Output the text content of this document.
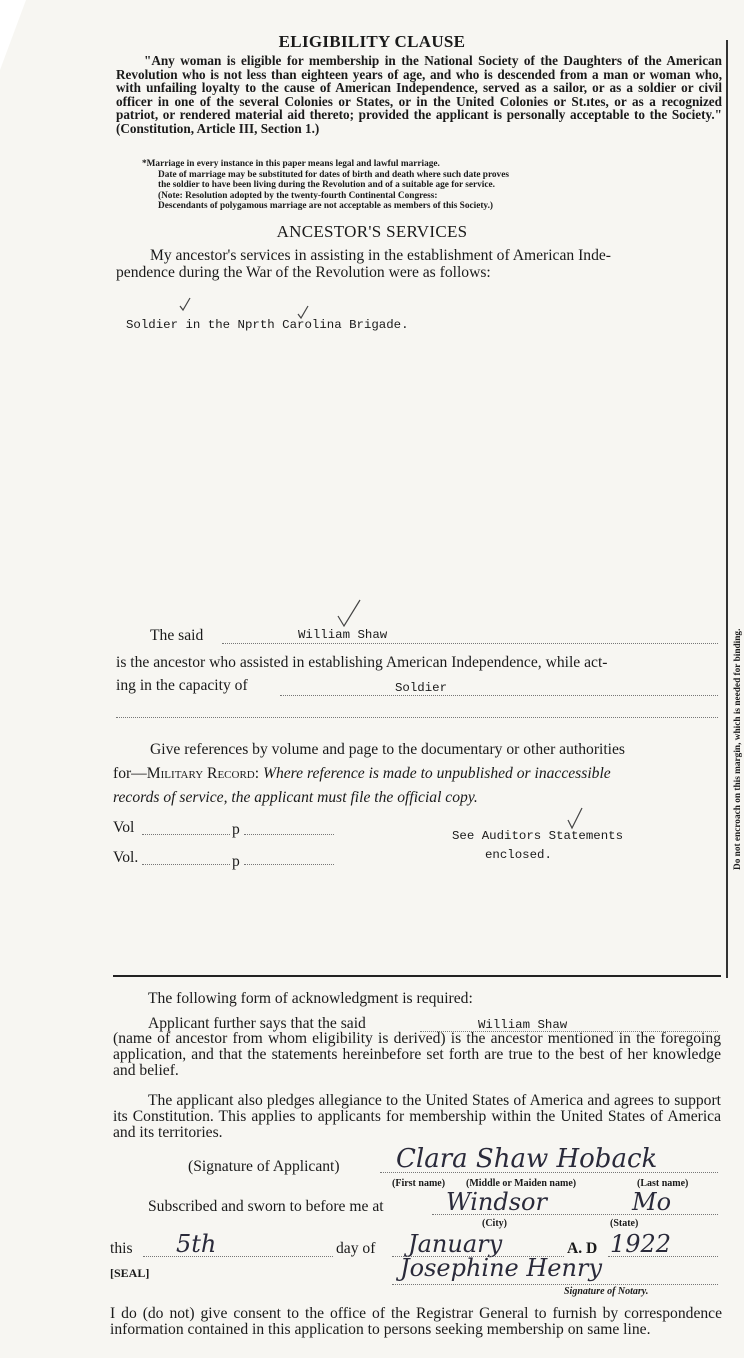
ELIGIBILITY CLAUSE

"Any woman is eligible for membership in the National Society of the Daughters of the American Revolution who is not less than eighteen years of age, and who is descended from a man or woman who, with unfailing loyalty to the cause of American Independence, served as a sailor, or as a soldier or civil officer in one of the several Colonies or States, or in the United Colonies or St.ıtes, or as a recognized patriot, or rendered material aid thereto; provided the applicant is personally acceptable to the Society." (Constitution, Article III, Section 1.)

*Marriage in every instance in this paper means legal and lawful marriage.
Date of marriage may be substituted for dates of birth and death where such date proves
the soldier to have been living during the Revolution and of a suitable age for service.
(Note: Resolution adopted by the twenty-fourth Continental Congress:
Descendants of polygamous marriage are not acceptable as members of this Society.)
ANCESTOR'S SERVICES
My ancestor's services in assisting in the establishment of American Inde-
pendence during the War of the Revolution were as follows:
Soldier in the Nprth Carolina Brigade.
The said	William Shaw
is the ancestor who assisted in establishing American Independence, while act-
ing in the capacity of	Soldier
Give references by volume and page to the documentary or other authorities
for—Military Record: Where reference is made to unpublished or inaccessible
records of service, the applicant must file the official copy.
Vol	p
Vol.	p
See Auditors Statements
enclosed.
The following form of acknowledgment is required:
Applicant further says that the said	William Shaw
(name of ancestor from whom eligibility is derived) is the ancestor mentioned in the foregoing application, and that the statements hereinbefore set forth are true to the best of her knowledge and belief.
The applicant also pledges allegiance to the United States of America and agrees to support its Constitution. This applies to applicants for membership within the United States of America and its territories.
(Signature of Applicant) Clara Shaw Hoback
(First name) (Middle or Maiden name)	(Last name)
Subscribed and sworn to before me at	Windsor	Mo
(City)	(State)
this 5th	day of January	A. D 1922
[SEAL]	Josephine Henry
Signature of Notary.
I do (do not) give consent to the office of the Registrar General to furnish by correspondence information contained in this application to persons seeking membership on same line.
Do not encroach on this margin, which is needed for binding.
